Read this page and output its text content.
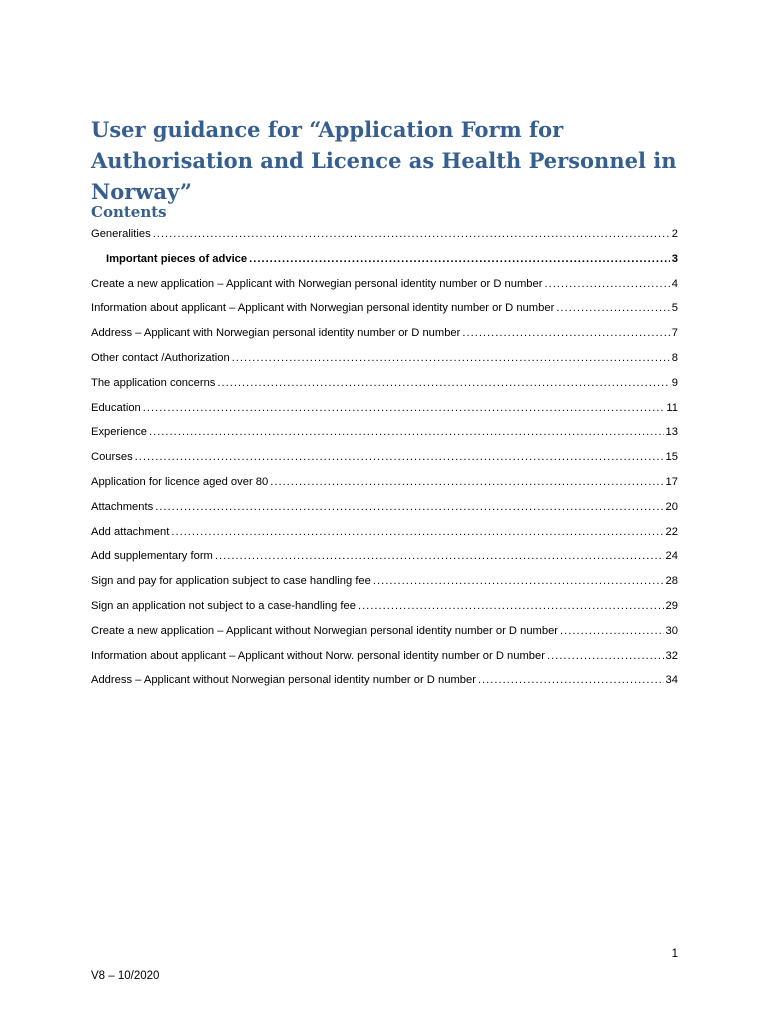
User guidance for “Application Form for Authorisation and Licence as Health Personnel in Norway”
Contents
Generalities .....	2
Important pieces of advice .....	3
Create a new application – Applicant with Norwegian personal identity number or D number .....	4
Information about applicant – Applicant with Norwegian personal identity number or D number .....	5
Address – Applicant with Norwegian personal identity number or D number .....	7
Other contact /Authorization .....	8
The application concerns .....	9
Education .....	11
Experience .....	13
Courses .....	15
Application for licence aged over 80 .....	17
Attachments .....	20
Add attachment .....	22
Add supplementary form .....	24
Sign and pay for application subject to case handling fee .....	28
Sign an application not subject to a case-handling fee .....	29
Create a new application – Applicant without Norwegian personal identity number or D number .....	30
Information about applicant – Applicant without Norw. personal identity number or D number .....	32
Address – Applicant without Norwegian personal identity number or D number .....	34
1
V8 – 10/2020
